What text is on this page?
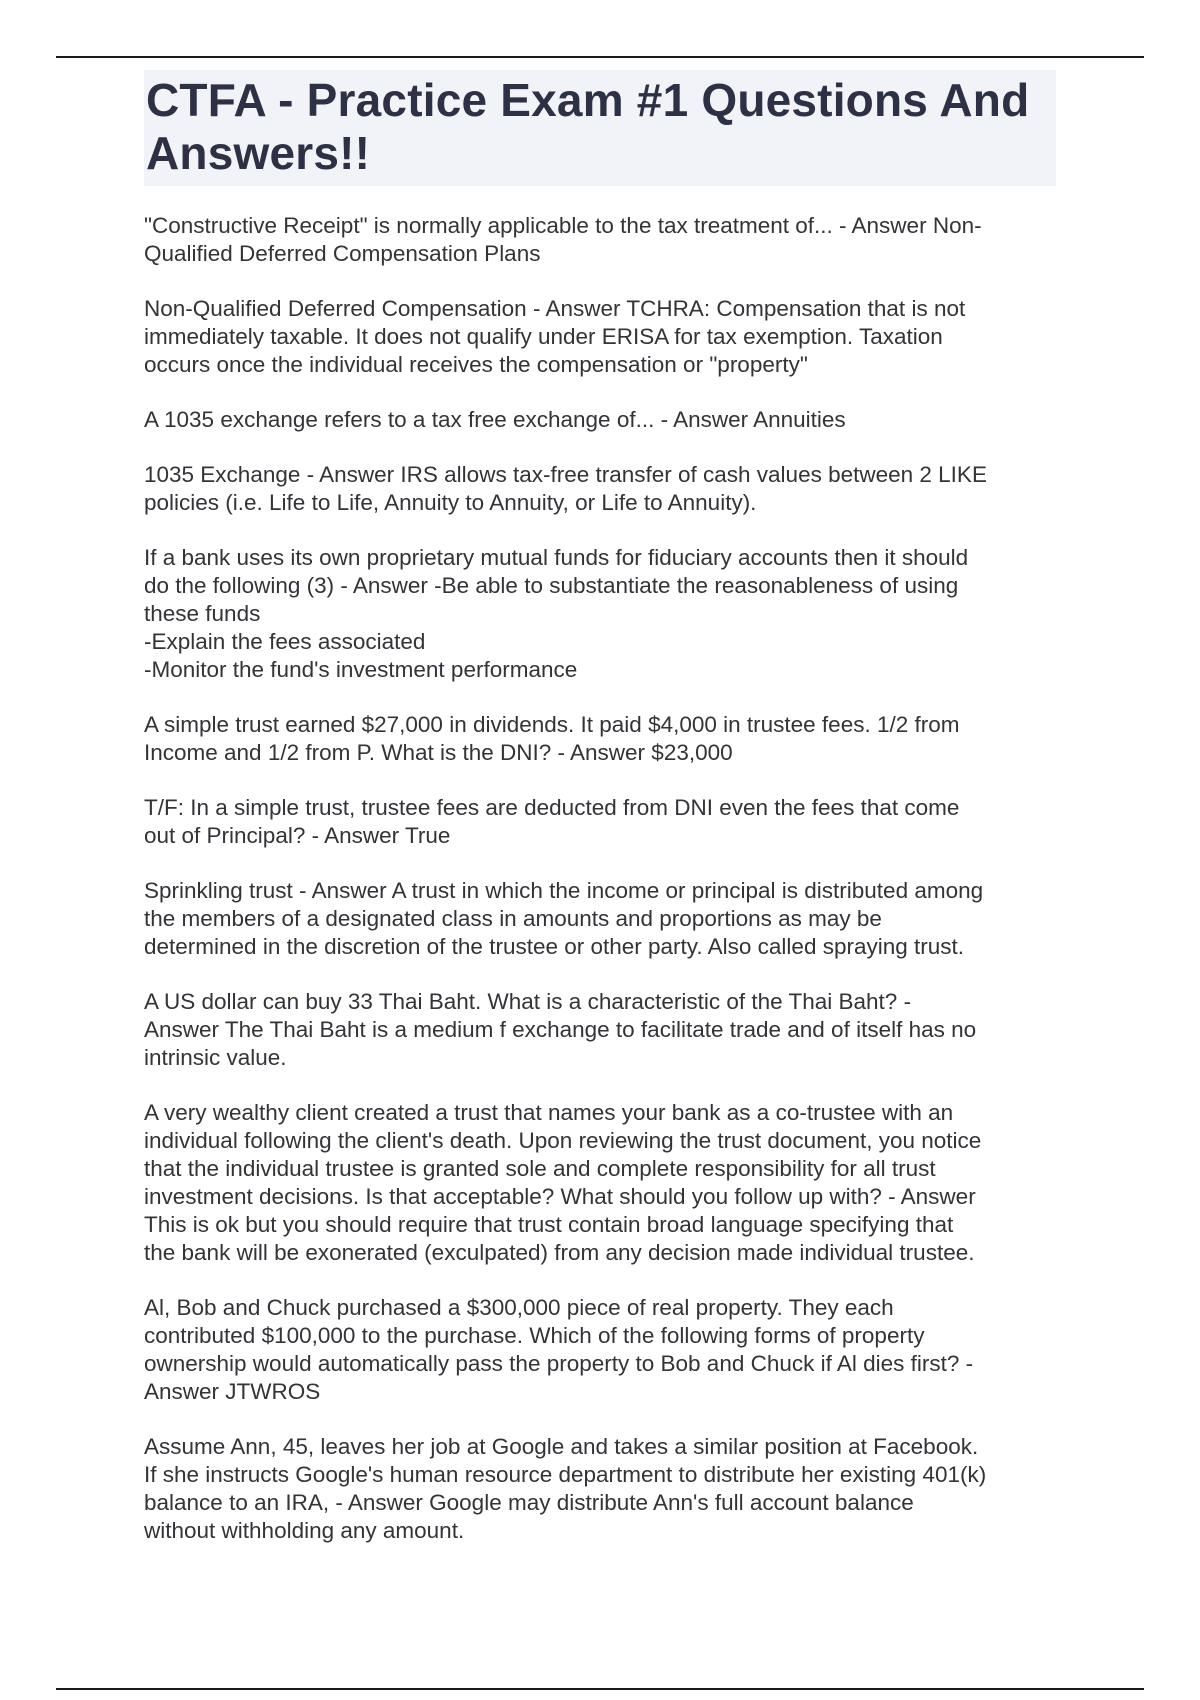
CTFA - Practice Exam #1 Questions And Answers!!

"Constructive Receipt" is normally applicable to the tax treatment of... - Answer Non-
Qualified Deferred Compensation Plans

Non-Qualified Deferred Compensation - Answer TCHRA: Compensation that is not
immediately taxable. It does not qualify under ERISA for tax exemption. Taxation
occurs once the individual receives the compensation or "property"

A 1035 exchange refers to a tax free exchange of... - Answer Annuities

1035 Exchange - Answer IRS allows tax-free transfer of cash values between 2 LIKE
policies (i.e. Life to Life, Annuity to Annuity, or Life to Annuity).

If a bank uses its own proprietary mutual funds for fiduciary accounts then it should
do the following (3) - Answer -Be able to substantiate the reasonableness of using
these funds
-Explain the fees associated
-Monitor the fund's investment performance

A simple trust earned $27,000 in dividends. It paid $4,000 in trustee fees. 1/2 from
Income and 1/2 from P. What is the DNI? - Answer $23,000

T/F: In a simple trust, trustee fees are deducted from DNI even the fees that come
out of Principal? - Answer True

Sprinkling trust - Answer A trust in which the income or principal is distributed among
the members of a designated class in amounts and proportions as may be
determined in the discretion of the trustee or other party. Also called spraying trust.

A US dollar can buy 33 Thai Baht. What is a characteristic of the Thai Baht? -
Answer The Thai Baht is a medium f exchange to facilitate trade and of itself has no
intrinsic value.

A very wealthy client created a trust that names your bank as a co-trustee with an
individual following the client's death. Upon reviewing the trust document, you notice
that the individual trustee is granted sole and complete responsibility for all trust
investment decisions. Is that acceptable? What should you follow up with? - Answer
This is ok but you should require that trust contain broad language specifying that
the bank will be exonerated (exculpated) from any decision made individual trustee.

Al, Bob and Chuck purchased a $300,000 piece of real property. They each
contributed $100,000 to the purchase. Which of the following forms of property
ownership would automatically pass the property to Bob and Chuck if Al dies first? -
Answer JTWROS

Assume Ann, 45, leaves her job at Google and takes a similar position at Facebook.
If she instructs Google's human resource department to distribute her existing 401(k)
balance to an IRA, - Answer Google may distribute Ann's full account balance
without withholding any amount.
